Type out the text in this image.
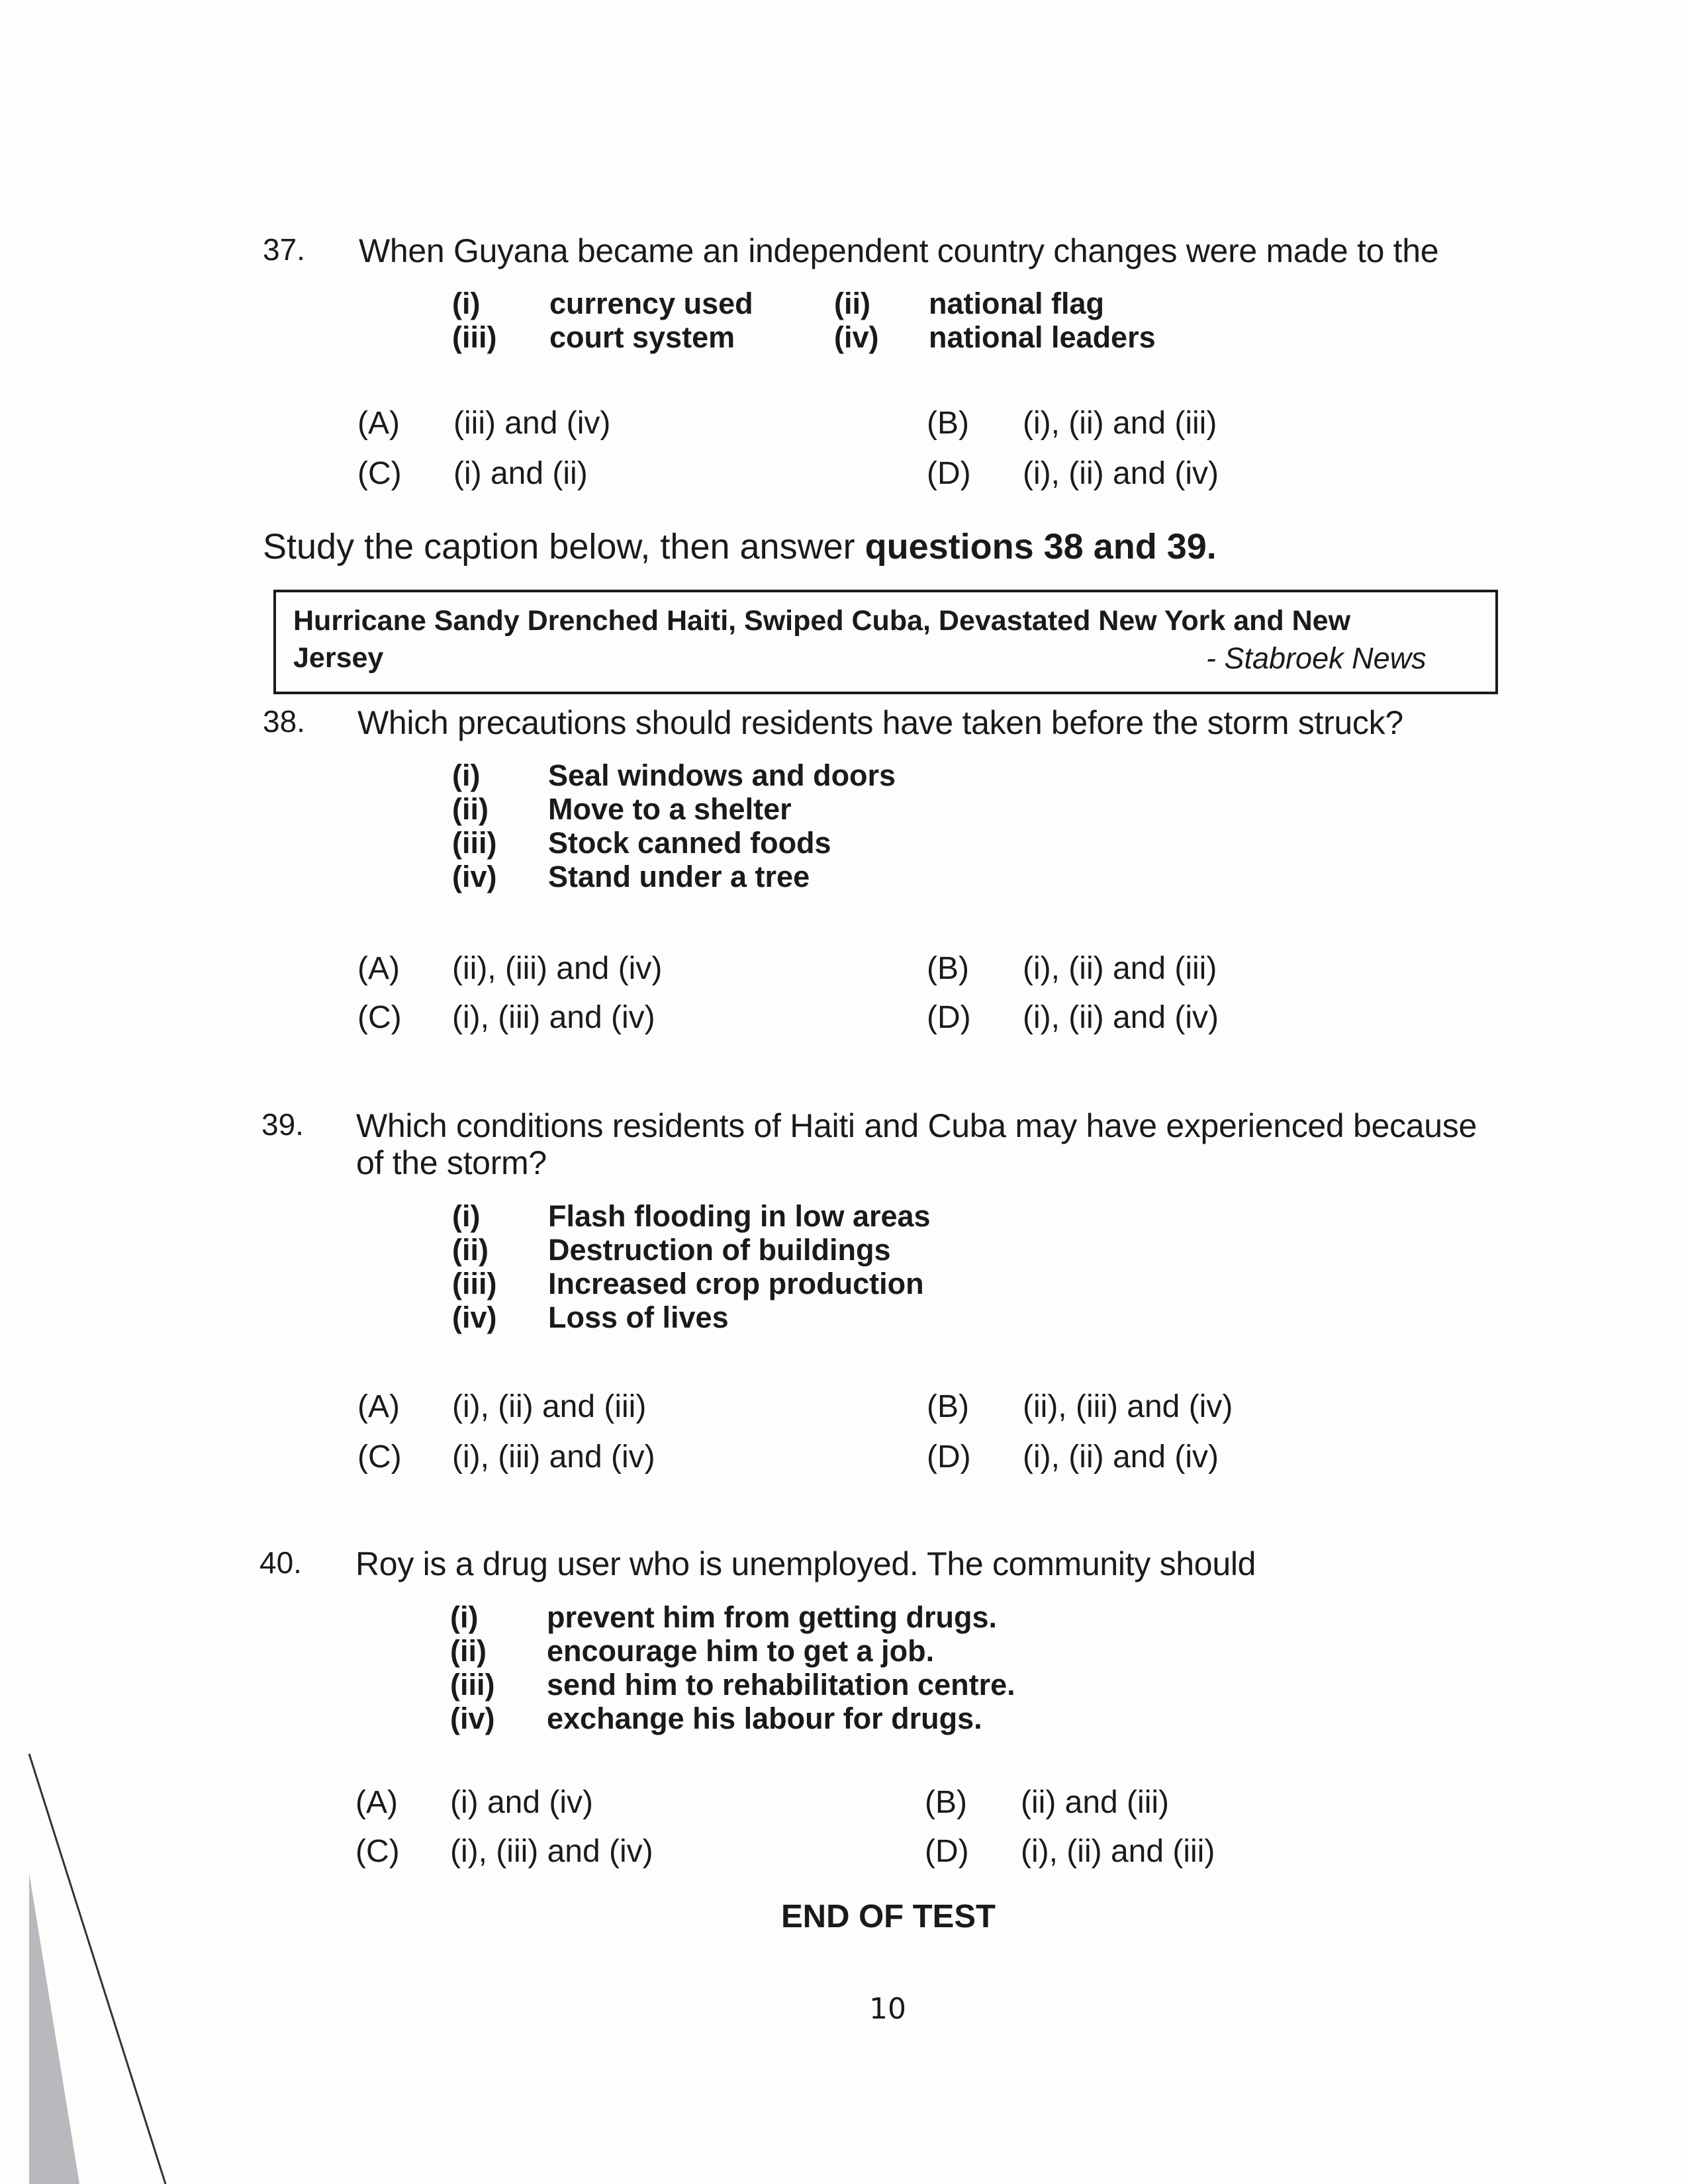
37. When Guyana became an independent country changes were made to the
(i) currency used	(ii) national flag
(iii) court system	(iv) national leaders
(A) (iii) and (iv)	(B) (i), (ii) and (iii)
(C) (i) and (ii)	(D) (i), (ii) and (iv)
Study the caption below, then answer questions 38 and 39.
Hurricane Sandy Drenched Haiti, Swiped Cuba, Devastated New York and New
Jersey	- Stabroek News
38. Which precautions should residents have taken before the storm struck?
(i) Seal windows and doors
(ii) Move to a shelter
(iii) Stock canned foods
(iv) Stand under a tree
(A) (ii), (iii) and (iv)	(B) (i), (ii) and (iii)
(C) (i), (iii) and (iv)	(D) (i), (ii) and (iv)
39. Which conditions residents of Haiti and Cuba may have experienced because
of the storm?
(i) Flash flooding in low areas
(ii) Destruction of buildings
(iii) Increased crop production
(iv) Loss of lives
(A) (i), (ii) and (iii)	(B) (ii), (iii) and (iv)
(C) (i), (iii) and (iv)	(D) (i), (ii) and (iv)
40. Roy is a drug user who is unemployed. The community should
(i) prevent him from getting drugs.
(ii) encourage him to get a job.
(iii) send him to rehabilitation centre.
(iv) exchange his labour for drugs.
(A) (i) and (iv)	(B) (ii) and (iii)
(C) (i), (iii) and (iv)	(D) (i), (ii) and (iii)
END OF TEST
10
